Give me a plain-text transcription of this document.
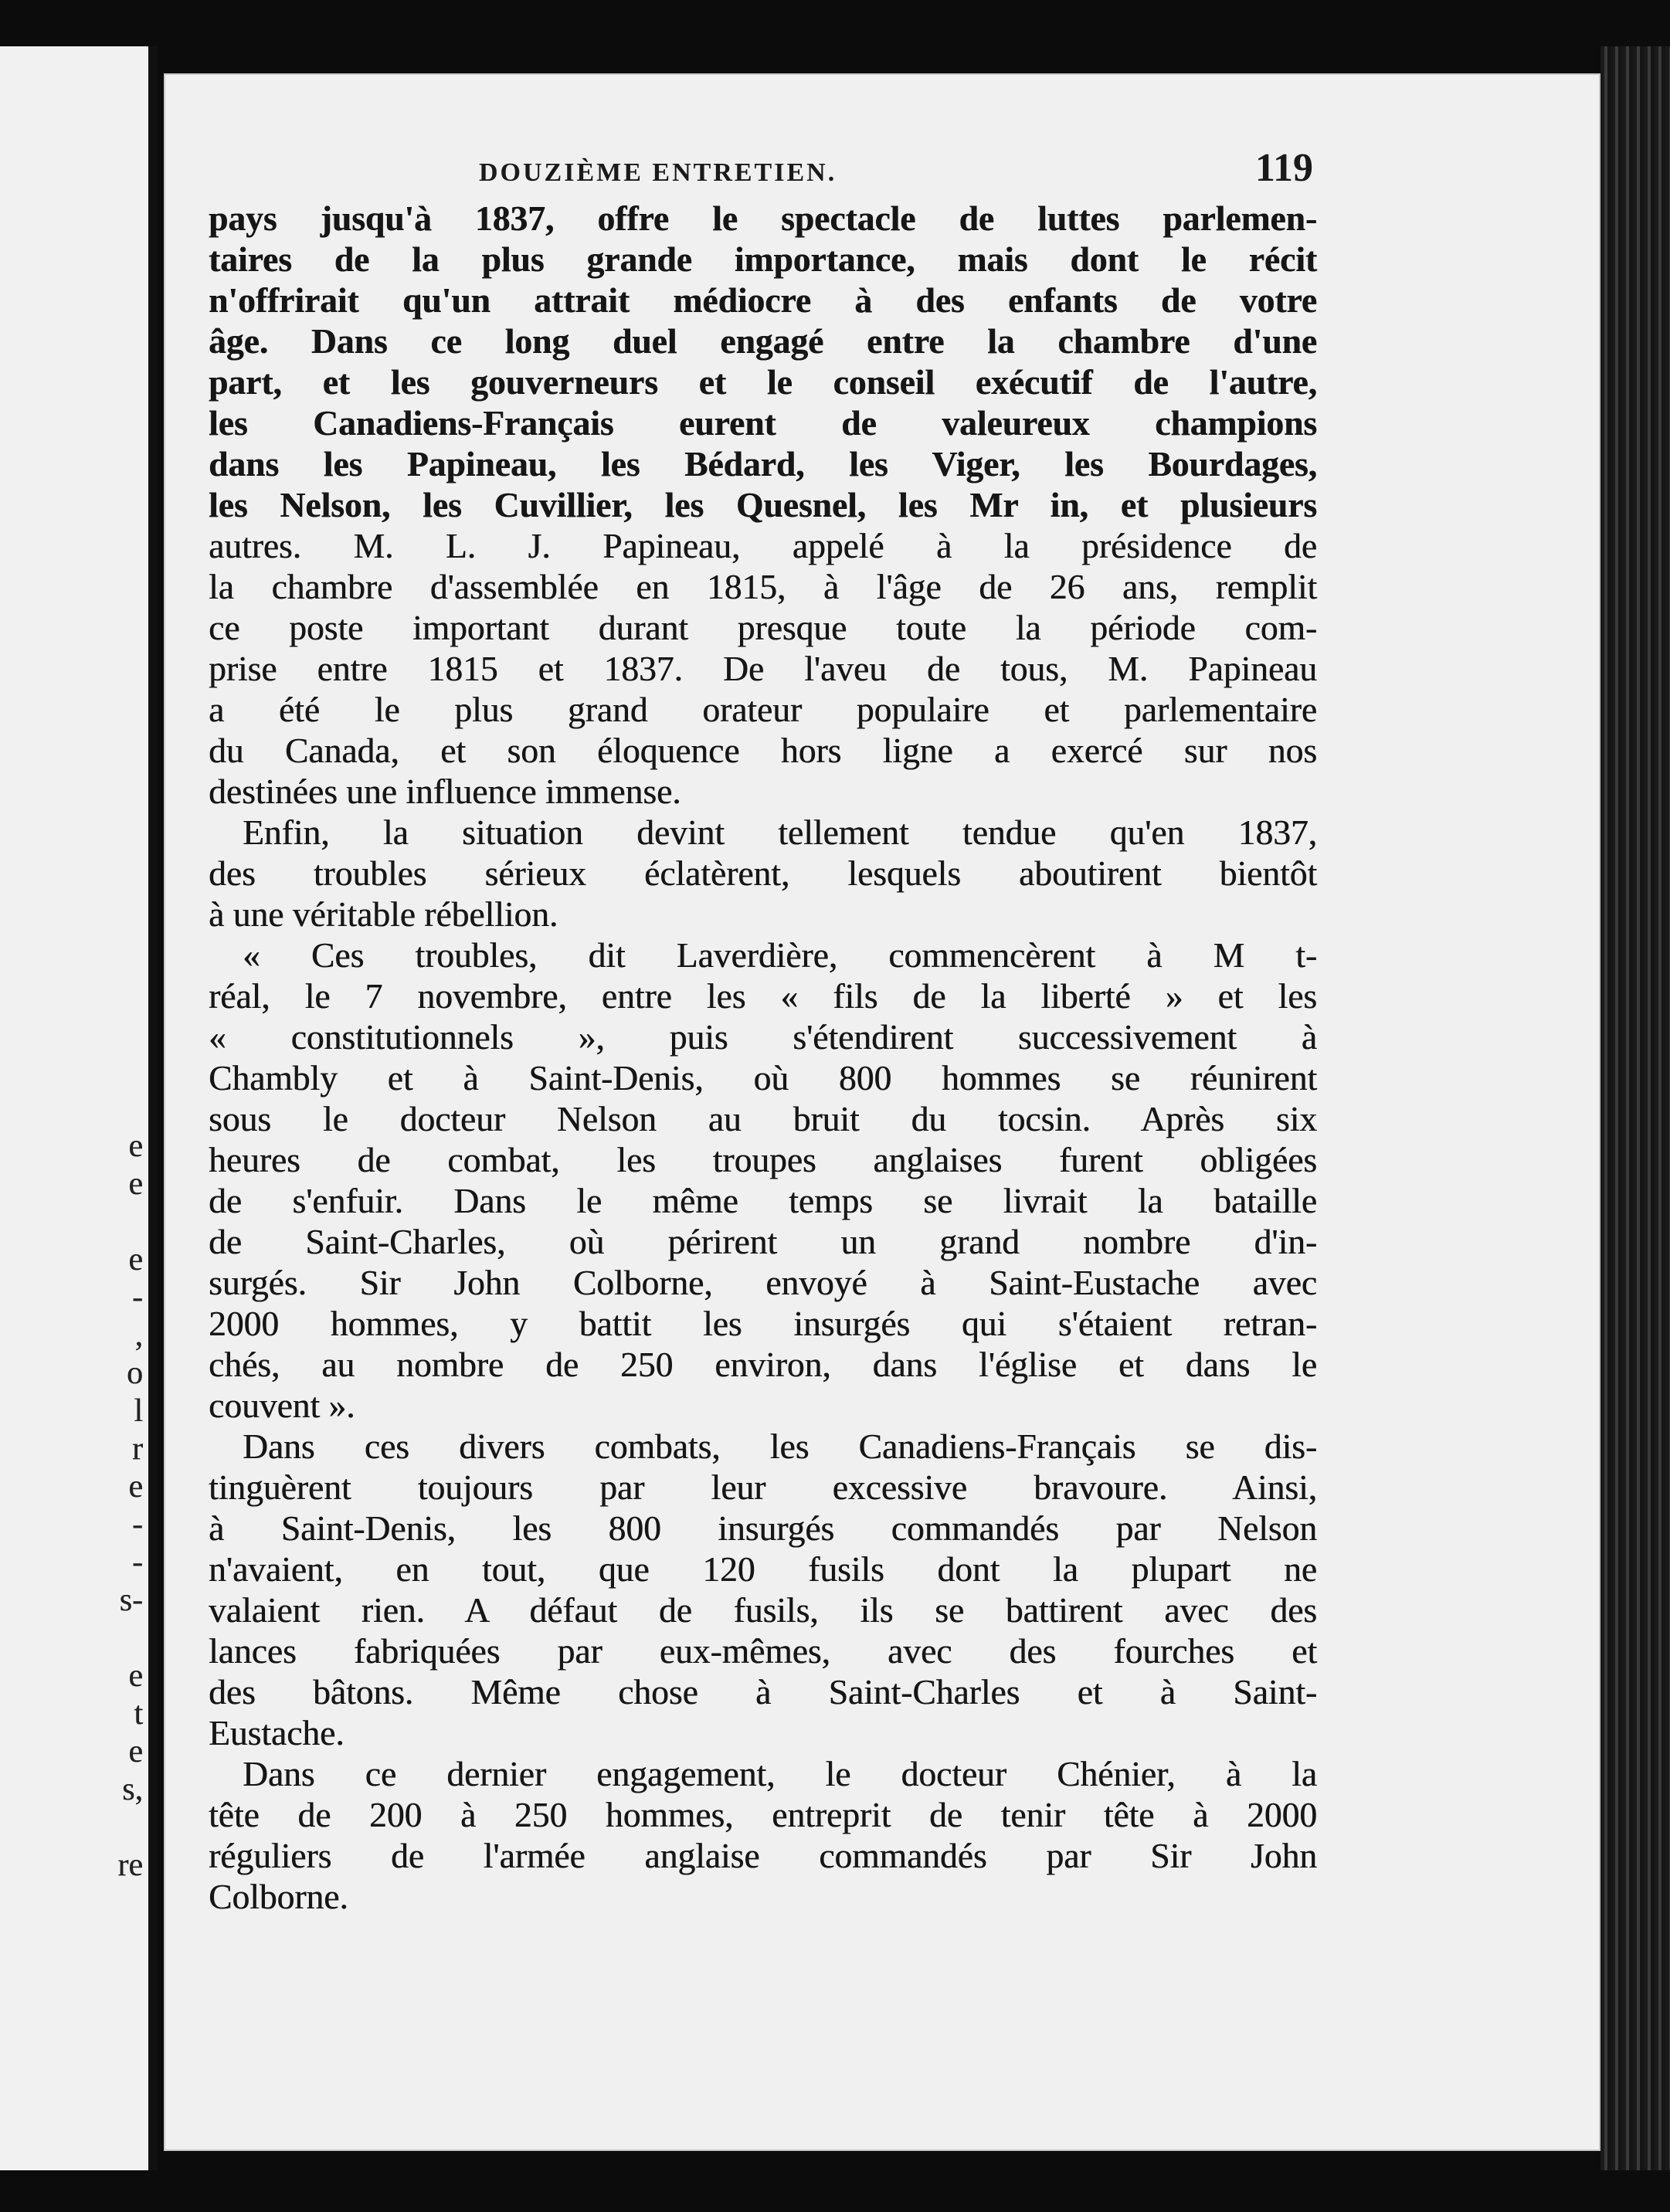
e
e
e
-
,
o
l
r
e
-
-
s-
e
t
e
s,
re
DOUZIÈME ENTRETIEN.	119
pays jusqu'à 1837, offre le spectacle de luttes parlemen-
taires de la plus grande importance, mais dont le récit
n'offrirait qu'un attrait médiocre à des enfants de votre
âge. Dans ce long duel engagé entre la chambre d'une
part, et les gouverneurs et le conseil exécutif de l'autre,
les Canadiens-Français eurent de valeureux champions
dans les Papineau, les Bédard, les Viger, les Bourdages,
les Nelson, les Cuvillier, les Quesnel, les Mr in, et plusieurs
autres. M. L. J. Papineau, appelé à la présidence de
la chambre d'assemblée en 1815, à l'âge de 26 ans, remplit
ce poste important durant presque toute la période com-
prise entre 1815 et 1837. De l'aveu de tous, M. Papineau
a été le plus grand orateur populaire et parlementaire
du Canada, et son éloquence hors ligne a exercé sur nos
destinées une influence immense.
Enfin, la situation devint tellement tendue qu'en 1837,
des troubles sérieux éclatèrent, lesquels aboutirent bientôt
à une véritable rébellion.
« Ces troubles, dit Laverdière, commencèrent à M t-
réal, le 7 novembre, entre les « fils de la liberté » et les
« constitutionnels », puis s'étendirent successivement à
Chambly et à Saint-Denis, où 800 hommes se réunirent
sous le docteur Nelson au bruit du tocsin. Après six
heures de combat, les troupes anglaises furent obligées
de s'enfuir. Dans le même temps se livrait la bataille
de Saint-Charles, où périrent un grand nombre d'in-
surgés. Sir John Colborne, envoyé à Saint-Eustache avec
2000 hommes, y battit les insurgés qui s'étaient retran-
chés, au nombre de 250 environ, dans l'église et dans le
couvent ».
Dans ces divers combats, les Canadiens-Français se dis-
tinguèrent toujours par leur excessive bravoure. Ainsi,
à Saint-Denis, les 800 insurgés commandés par Nelson
n'avaient, en tout, que 120 fusils dont la plupart ne
valaient rien. A défaut de fusils, ils se battirent avec des
lances fabriquées par eux-mêmes, avec des fourches et
des bâtons. Même chose à Saint-Charles et à Saint-
Eustache.
Dans ce dernier engagement, le docteur Chénier, à la
tête de 200 à 250 hommes, entreprit de tenir tête à 2000
réguliers de l'armée anglaise commandés par Sir John
Colborne.
